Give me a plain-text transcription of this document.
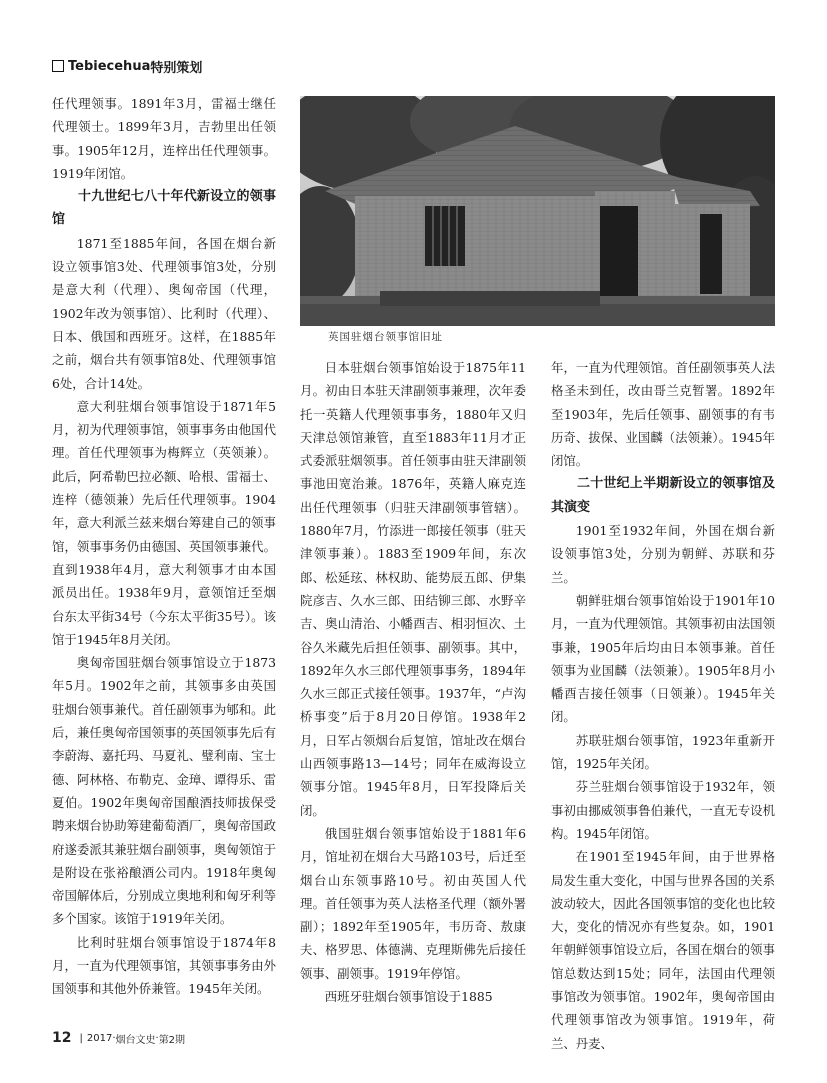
Tebiecehua 特别策划

任代理领事。1891年3月，雷福士继任代理领士。1899年3月，吉勃里出任领事。1905年12月，连梓出任代理领事。1919年闭馆。

十九世纪七八十年代新设立的领事馆

1871至1885年间，各国在烟台新设立领事馆3处、代理领事馆3处，分别是意大利（代理）、奥匈帝国（代理，1902年改为领事馆）、比利时（代理）、日本、俄国和西班牙。这样，在1885年之前，烟台共有领事馆8处、代理领事馆6处，合计14处。

意大利驻烟台领事馆设于1871年5月，初为代理领事馆，领事事务由他国代理。首任代理领事为梅辉立（英领兼）。此后，阿希勒巴拉必额、哈根、雷福士、连梓（德领兼）先后任代理领事。1904年，意大利派兰兹来烟台筹建自己的领事馆，领事事务仍由德国、英国领事兼代。直到1938年4月，意大利领事才由本国派员出任。1938年9月，意领馆迁至烟台东太平街34号（今东太平街35号）。该馆于1945年8月关闭。

奥匈帝国驻烟台领事馆设立于1873年5月。1902年之前，其领事多由英国驻烟台领事兼代。首任副领事为郇和。此后，兼任奥匈帝国领事的英国领事先后有李蔚海、嘉托玛、马夏礼、璧利南、宝士德、阿林格、布勒克、金璋、谭得乐、雷夏伯。1902年奥匈帝国酿酒技师拔保受聘来烟台协助筹建葡萄酒厂，奥匈帝国政府遂委派其兼驻烟台副领事，奥匈领馆于是附设在张裕酿酒公司内。1918年奥匈帝国解体后，分别成立奥地利和匈牙利等多个国家。该馆于1919年关闭。

比利时驻烟台领事馆设于1874年8月，一直为代理领事馆，其领事事务由外国领事和其他外侨兼管。1945年关闭。

英国驻烟台领事馆旧址

日本驻烟台领事馆始设于1875年11月。初由日本驻天津副领事兼理，次年委托一英籍人代理领事事务，1880年又归天津总领馆兼管，直至1883年11月才正式委派驻烟领事。首任领事由驻天津副领事池田宽治兼。1876年，英籍人麻克连出任代理领事（归驻天津副领事管辖）。1880年7月，竹添进一郎接任领事（驻天津领事兼）。1883至1909年间，东次郎、松延玹、林权助、能势辰五郎、伊集院彦吉、久水三郎、田结铆三郎、水野辛吉、奥山清治、小幡酉吉、相羽恒次、土谷久米藏先后担任领事、副领事。其中，1892年久水三郎代理领事事务，1894年久水三郎正式接任领事。1937年，“卢沟桥事变”后于8月20日停馆。1938年2月，日军占领烟台后复馆，馆址改在烟台山西领事路13—14号；同年在威海设立领事分馆。1945年8月，日军投降后关闭。

俄国驻烟台领事馆始设于1881年6月，馆址初在烟台大马路103号，后迁至烟台山东领事路10号。初由英国人代理。首任领事为英人法格圣代理（额外署副）；1892年至1905年，韦历奇、敖康夫、格罗思、体德满、克理斯佛先后接任领事、副领事。1919年停馆。

西班牙驻烟台领事馆设于1885

年，一直为代理领馆。首任副领事英人法格圣未到任，改由哥兰克暂署。1892年至1903年，先后任领事、副领事的有韦历奇、拔保、业国麟（法领兼）。1945年闭馆。

二十世纪上半期新设立的领事馆及其演变

1901至1932年间，外国在烟台新设领事馆3处，分别为朝鲜、苏联和芬兰。

朝鲜驻烟台领事馆始设于1901年10月，一直为代理领馆。其领事初由法国领事兼，1905年后均由日本领事兼。首任领事为业国麟（法领兼）。1905年8月小幡酉吉接任领事（日领兼）。1945年关闭。

苏联驻烟台领事馆，1923年重新开馆，1925年关闭。

芬兰驻烟台领事馆设于1932年，领事初由挪威领事鲁伯兼代，一直无专设机构。1945年闭馆。

在1901至1945年间，由于世界格局发生重大变化，中国与世界各国的关系波动较大，因此各国领事馆的变化也比较大，变化的情况亦有些复杂。如，1901年朝鲜领事馆设立后，各国在烟台的领事馆总数达到15处；同年，法国由代理领事馆改为领事馆。1902年，奥匈帝国由代理领事馆改为领事馆。1919年，荷兰、丹麦、

12 | 2017 · 烟台文史 · 第2期
